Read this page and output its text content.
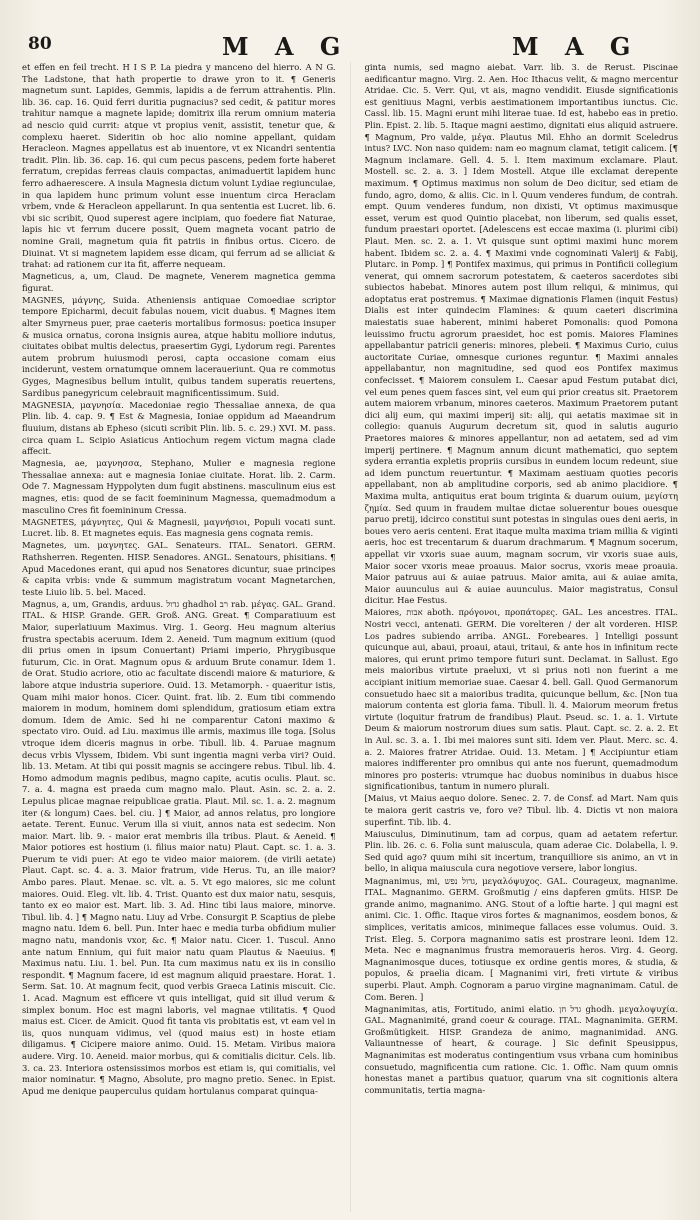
80	M A G	M A G

et effen en feil trecht. H I S P. La piedra y manceno del hierro. A N G. The Ladstone, that hath propertie to drawe yron to it. ¶ Generis magnetum sunt. Lapides, Gemmis, lapidis a de ferrum attrahentis. Plin. lib. 36. cap. 16. Quid ferri duritia pugnacius? sed cedit, & patitur mores trahitur namque a magnete lapide; domitrix illa rerum omnium materia ad nescio quid currit: atque vt propius venit, assistit, tenetur que, & complexu haeret. Sideritin ob hoc alio nomine appellant, quidam Heracleon. Magnes appellatus est ab inuentore, vt ex Nicandri sententia tradit. Plin. lib. 36. cap. 16. qui cum pecus pascens, pedem forte haberet ferratum, crepidas ferreas clauis compactas, animaduertit lapidem hunc ferro adhaerescere. A insula Magnesia dictum volunt Lydiae regiunculae, in qua lapidem hunc primum volunt esse inuentum circa Heraclam vrbem, vnde & Heracleon appellarunt. In qua sententia est Lucret. lib. 6. vbi sic scribit, Quod superest agere incipiam, quo foedere fiat Naturae, lapis hic vt ferrum ducere possit, Quem magneta vocant patrio de nomine Graii, magnetum quia fit patriis in finibus ortus. Cicero. de Diuinat. Vt si magnetem lapidem esse dicam, qui ferrum ad se alliciat & trahat: ad rationem cur ita fit, afferre nequeam.

Magneticus, a, um, Claud. De magnete, Venerem magnetica gemma figurat.

MAGNES, μάγνης, Suida. Atheniensis antiquae Comoediae scriptor tempore Epicharmi, decuit fabulas nouem, vicit duabus. ¶ Magnes item alter Smyrneus puer, prae caeteris mortalibus formosus: poetica insuper & musica ornatus, corona insignis aurea, atque habitu molliore indutus, ciuitates obibat multis delectus, praesertim Gygi, Lydorum regi. Parentes autem probrum huiusmodi perosi, capta occasione comam eius inciderunt, vestem ornatumque omnem laceraueriunt. Qua re commotus Gyges, Magnesibus bellum intulit, quibus tandem superatis reuertens, Sardibus panegyricum celebrauit magnificentissimum. Suid.

MAGNESIA, μαγνησία. Macedoniae regio Thessaliae annexa, de qua Plin. lib. 4. cap. 9. ¶ Est & Magnesia, Ioniae oppidum ad Maeandrum fluuium, distans ab Epheso (sicuti scribit Plin. lib. 5. c. 29.) XVI. M. pass. circa quam L. Scipio Asiaticus Antiochum regem victum magna clade affecit.

Magnesia, ae, μαγνησσα, Stephano, Mulier e magnesia regione Thessaliae annexa: aut e magnesia Ioniae ciuitate. Horat. lib. 2. Carm. Ode 7. Magnessam Hyppolyten dum fugit abstinens. masculinum eius est magnes, etis: quod de se facit foemininum Magnessa, quemadmodum a masculino Cres fit foemininum Cressa.

MAGNETES, μάγνητες, Qui & Magnesii, μαγνήσιοι, Populi vocati sunt. Lucret. lib. 8. Et magnetes equis. Eas magnesia gens cognata remis.

Magnetes, um. μαγνητες. GAL. Senateurs. ITAL. Senatori. GERM. Rathsherren. Regenten. HISP. Senadores. ANGL. Senatours, phisitians. ¶ Apud Macedones erant, qui apud nos Senatores dicuntur, suae principes & capita vrbis: vnde & summum magistratum vocant Magnetarchen, teste Liuio lib. 5. bel. Maced.

Magnus, a, um, Grandis, arduus. ‏גדול‎ ghadhol ‏רב‎ rab. μέγας. GAL. Grand. ITAL. & HISP. Grande. GER. Groß. ANG. Great. ¶ Comparatiuum est Maior, superlatiuum Maximus. Virg. 1. Georg. Heu magnum alterius frustra spectabis aceruum. Idem 2. Aeneid. Tum magnum exitium (quod dii prius omen in ipsum Conuertant) Priami imperio, Phrygibusque futurum, Cic. in Orat. Magnum opus & arduum Brute conamur. Idem 1. de Orat. Studio acriore, otio ac facultate discendi maiore & maturiore, & labore atque industria superiore. Ouid. 13. Metamorph. - quaeritur istis, Quam mihi maior honos. Cicer. Quint. frat. lib. 2. Eum tibi commendo maiorem in modum, hominem domi splendidum, gratiosum etiam extra domum. Idem de Amic. Sed hi ne comparentur Catoni maximo & spectato viro. Ouid. ad Liu. maximus ille armis, maximus ille toga. [Solus vtroque idem diceris magnus in orbe. Tibull. lib. 4. Paruae magnum decus vrbis Vlyssem, Ibidem. Vbi sunt ingentia magni verba viri? Ouid. lib. 13. Metam. At tibi qui possit magnis se accingere rebus. Tibul. lib. 4. Homo admodum magnis pedibus, magno capite, acutis oculis. Plaut. sc. 7. a. 4. magna est praeda cum magno malo. Plaut. Asin. sc. 2. a. 2. Lepulus plicae magnae reipublicae gratia. Plaut. Mil. sc. 1. a. 2. magnum iter (& longum) Caes. bel. ciu. ] ¶ Maior, ad annos relatus, pro longiore aetate. Terent. Eunuc. Verum illa si viuit, annos nata est sedecim. Non maior. Mart. lib. 9. - maior erat membris illa tribus. Plaut. & Aeneid. ¶ Maior potiores est hostium (i. filius maior natu) Plaut. Capt. sc. 1. a. 3. Puerum te vidi puer: At ego te video maior maiorem. (de virili aetate) Plaut. Capt. sc. 4. a. 3. Maior fratrum, vide Herus. Tu, an ille maior? Ambo pares. Plaut. Menae. sc. vlt. a. 5. Vt ego maiores, sic me colunt maiores. Ouid. Eleg. vlt. lib. 4. Trist. Quanto est dux maior natu, sesquis, tanto ex eo maior est. Mart. lib. 3. Ad. Hinc tibi laus maiore, minorve. Tibul. lib. 4. ] ¶ Magno natu. Liuy ad Vrbe. Consurgit P. Scaptius de plebe magno natu. Idem 6. bell. Pun. Inter haec e media turba obfidium mulier magno natu, mandonis vxor, &c. ¶ Maior natu. Cicer. 1. Tuscul. Anno ante natum Ennium, qui fuit maior natu quam Plautus & Naeuius. ¶ Maximus natu. Liu. 1. bel. Pun. Ita cum maximus natu ex iis in consilio respondit. ¶ Magnum facere, id est magnum aliquid praestare. Horat. 1. Serm. Sat. 10. At magnum fecit, quod verbis Graeca Latinis miscuit. Cic. 1. Acad. Magnum est efficere vt quis intelligat, quid sit illud verum & simplex bonum. Hoc est magni laboris, vel magnae vtilitatis. ¶ Quod maius est. Cicer. de Amicit. Quod fit tanta vis probitatis est, vt eam vel in iis, quos nunquam vidimus, vel (quod maius est) in hoste etiam diligamus. ¶ Cicipere maiore animo. Ouid. 15. Metam. Viribus maiora audere. Virg. 10. Aeneid. maior morbus, qui & comitialis dicitur. Cels. lib. 3. ca. 23. Interiora ostensissimos morbos est etiam is, qui comitialis, vel maior nominatur. ¶ Magno, Absolute, pro magno pretio. Senec. in Epist. Apud me denique pauperculus quidam hortulanus comparat quinqua-

ginta numis, sed magno aiebat. Varr. lib. 3. de Rerust. Piscinae aedificantur magno. Virg. 2. Aen. Hoc Ithacus velit, & magno mercentur Atridae. Cic. 5. Verr. Qui, vt ais, magno vendidit. Eiusde significationis est genitiuus Magni, verbis aestimationem importantibus iunctus. Cic. Cassl. lib. 15. Magni erunt mihi literae tuae. Id est, habebo eas in pretio. Plin. Epist. 2. lib. 5. Itaque magni aestimo, dignitati eius aliquid astruere. ¶ Magnum, Pro valde, μέγα. Plautus Mil. Ehho an dormit Sceledrus intus? LVC. Non naso quidem: nam eo magnum clamat, tetigit calicem. [¶ Magnum inclamare. Gell. 4. 5. l. Item maximum exclamare. Plaut. Mostell. sc. 2. a. 3. ] Idem Mostell. Atque ille exclamat derepente maximum. ¶ Optimus maximus non solum de Deo dicitur, sed etiam de fundo, agro, domo, & aliis. Cic. in l. Quum venderes fundum, de contrah. empt. Quum venderes fundum, non dixisti, Vt optimus maximusque esset, verum est quod Quintio placebat, non liberum, sed qualis esset, fundum praestari oportet. [Adelescens est eccae maxima (i. plurimi cibi) Plaut. Men. sc. 2. a. 1. Vt quisque sunt optimi maximi hunc morem habent. Ibidem sc. 2. a. 4. ¶ Maximi vnde cognominati Valerij & Fabij, Plutarc. in Pomp. ] ¶ Pontifex maximus, qui primus in Pontificii collegium venerat, qui omnem sacrorum potestatem, & caeteros sacerdotes sibi subiectos habebat. Minores autem post illum reliqui, & minimus, qui adoptatus erat postremus. ¶ Maximae dignationis Flamen (inquit Festus) Dialis est inter quindecim Flamines: & quum caeteri discrimina maiestatis suae haberent, minimi haberet Pomonalis: quod Pomona leuissimo fructu agrorum praesidet, hoc est pomis. Maiores Flamines appellabantur patricii generis: minores, plebeii. ¶ Maximus Curio, cuius auctoritate Curiae, omnesque curiones reguntur. ¶ Maximi annales appellabantur, non magnitudine, sed quod eos Pontifex maximus confecisset. ¶ Maiorem consulem L. Caesar apud Festum putabat dici, vel eum penes quem fasces sint, vel eum qui prior creatus sit. Praetorem autem maiorem vrbanum, minores caeteros. Maximum Praetorem putant dici alij eum, qui maximi imperij sit: alij, qui aetatis maximae sit in collegio: quanuis Augurum decretum sit, quod in salutis augurio Praetores maiores & minores appellantur, non ad aetatem, sed ad vim imperij pertinere. ¶ Magnum annum dicunt mathematici, quo septem sydera errantia expletis propriis cursibus in eundem locum redeunt, siue ad idem punctum reuertuntur. ¶ Maximam aestiuam quoties pecoris appellabant, non ab amplitudine corporis, sed ab animo placidiore. ¶ Maxima multa, antiquitus erat boum triginta & duarum ouium, μεγίστη ζημία. Sed quum in fraudem multae dictae soluerentur boues ouesque paruo pretij, idcirco constitui sunt potestas in singulas oues deni aeris, in boues vero aeris centeni. Erat itaque multa maxima triam millia & viginti aeris, hoc est trecentarum & duarum drachmarum. ¶ Magnum socerum, appellat vir vxoris suae auum, magnam socrum, vir vxoris suae auis, Maior socer vxoris meae proauus. Maior socrus, vxoris meae proauia. Maior patruus aui & auiae patruus. Maior amita, aui & auiae amita, Maior auunculus aui & auiae auunculus. Maior magistratus, Consul dicitur. Hae Festus.

Maiores, ‏אבות‎ aboth. πρόγονοι, προπάτορες. GAL. Les ancestres. ITAL. Nostri vecci, antenati. GERM. Die vorelteren / der alt vorderen. HISP. Los padres subiendo arriba. ANGL. Forebeares. ] Intelligi possunt quicunque aui, abaui, proaui, ataui, tritaui, & ante hos in infinitum recte maiores, qui erunt primo tempore futuri sunt. Declamat. in Sallust. Ego meis maioribus virtute praeluxi, vt si prius noti non fuerint a me accipiant initium memoriae suae. Caesar 4. bell. Gall. Quod Germanorum consuetudo haec sit a maioribus tradita, quicunque bellum, &c. [Non tua maiorum contenta est gloria fama. Tibull. li. 4. Maiorum meorum fretus virtute (loquitur fratrum de frandibus) Plaut. Pseud. sc. 1. a. 1. Virtute Deum & maiorum nostrorum diues sum satis. Plaut. Capt. sc. 2. a. 2. Et in Aul. sc. 3. a. 1. Ibi mei maiores sunt siti. Idem ver. Plaut. Merc. sc. 4. a. 2. Maiores fratrer Atridae. Ouid. 13. Metam. ] ¶ Accipiuntur etiam maiores indifferenter pro omnibus qui ante nos fuerunt, quemadmodum minores pro posteris: vtrumque hac duobus nominibus in duabus hisce significationibus, tantum in numero plurali.

[Maius, vt Maius aequo dolore. Senec. 2. 7. de Consf. ad Mart. Nam quis te maiora gerit castris ve, foro ve? Tibul. lib. 4. Dictis vt non maiora superfint. Tib. lib. 4.

Maiusculus, Diminutinum, tam ad corpus, quam ad aetatem refertur. Plin. lib. 26. c. 6. Folia sunt maiuscula, quam aderae Cic. Dolabella, l. 9. Sed quid ago? quum mihi sit incertum, tranquilliore sis animo, an vt in bello, in aliqua maiuscula cura negotiove versere, labor longius.

Magnanimus, mi, ‏גדול נפש‎, μεγαλόψυχος. GAL. Courageux, magnanime. ITAL. Magnanimo. GERM. Großmutig / eins dapferen gmüts. HISP. De grande animo, magnanimo. ANG. Stout of a loftie harte. ] qui magni est animi. Cic. 1. Offic. Itaque viros fortes & magnanimos, eosdem bonos, & simplices, veritatis amicos, minimeque fallaces esse volumus. Ouid. 3. Trist. Eleg. 5. Corpora magnanimo satis est prostrare leoni. Idem 12. Meta. Nec e magnanimus frustra memoraueris heros. Virg. 4. Georg. Magnanimosque duces, totiusque ex ordine gentis mores, & studia, & populos, & praelia dicam. [ Magnanimi viri, freti virtute & viribus superbi. Plaut. Amph. Cognoram a paruo virgine magnanimam. Catul. de Com. Beren. ]

Magnanimitas, atis, Fortitudo, animi elatio. ‏גדל חן‎ ghodh. μεγαλοψυχία. GAL. Magnanimité, grand coeur & courage. ITAL. Magnanimita. GERM. Großmütigkeit. HISP. Grandeza de animo, magnanimidad. ANG. Valiauntnesse of heart, & courage. ] Sic definit Speusippus, Magnanimitas est moderatus contingentium vsus vrbana cum hominibus consuetudo, magnificentia cum ratione. Cic. 1. Offic. Nam quum omnis honestas manet a partibus quatuor, quarum vna sit cognitionis altera communitatis, tertia magna-
